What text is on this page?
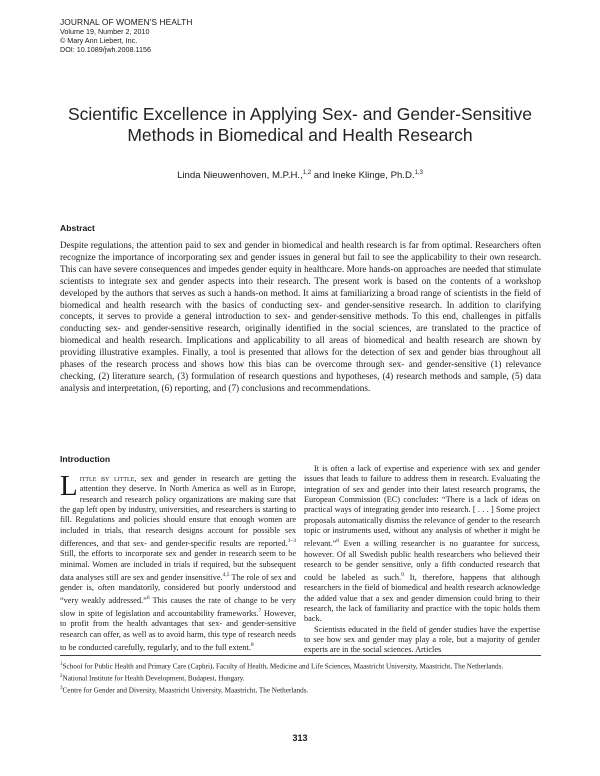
JOURNAL OF WOMEN'S HEALTH
Volume 19, Number 2, 2010
© Mary Ann Liebert, Inc.
DOI: 10.1089/jwh.2008.1156
Scientific Excellence in Applying Sex- and Gender-Sensitive
Methods in Biomedical and Health Research
Linda Nieuwenhoven, M.P.H.,$^{1,2}$ and Ineke Klinge, Ph.D.$^{1,3}$
Abstract

Despite regulations, the attention paid to sex and gender in biomedical and health research is far from optimal. Researchers often recognize the importance of incorporating sex and gender issues in general but fail to see the applicability to their own research. This can have severe consequences and impedes gender equity in healthcare. More hands-on approaches are needed that stimulate scientists to integrate sex and gender aspects into their research. The present work is based on the contents of a workshop developed by the authors that serves as such a hands-on method. It aims at familiarizing a broad range of scientists in the field of biomedical and health research with the basics of conducting sex- and gender-sensitive research. In addition to clarifying concepts, it serves to provide a general introduction to sex- and gender-sensitive methods. To this end, challenges in pitfalls conducting sex- and gender-sensitive research, originally identified in the social sciences, are translated to the practice of biomedical and health research. Implications and applicability to all areas of biomedical and health research are shown by providing illustrative examples. Finally, a tool is presented that allows for the detection of sex and gender bias throughout all phases of the research process and shows how this bias can be overcome through sex- and gender-sensitive (1) relevance checking, (2) literature search, (3) formulation of research questions and hypotheses, (4) research methods and sample, (5) data analysis and interpretation, (6) reporting, and (7) conclusions and recommendations.

Introduction

Little by little, sex and gender in research are getting the attention they deserve. In North America as well as in Europe, research and research policy organizations are making sure that the gap left open by industry, universities, and researchers is starting to fill. Regulations and policies should ensure that enough women are included in trials, that research designs account for possible sex differences, and that sex- and gender-specific results are reported.$^{1-3}$ Still, the efforts to incorporate sex and gender in research seem to be minimal. Women are included in trials if required, but the subsequent data analyses still are sex and gender insensitive.$^{4,5}$ The role of sex and gender is, often mandatorily, considered but poorly understood and “very weakly addressed.”$^6$ This causes the rate of change to be very slow in spite of legislation and accountability frameworks.$^7$ However, to profit from the health advantages that sex- and gender-sensitive research can offer, as well as to avoid harm, this type of research needs to be conducted carefully, regularly, and to the full extent.$^8$

It is often a lack of expertise and experience with sex and gender issues that leads to failure to address them in research. Evaluating the integration of sex and gender into their latest research programs, the European Commission (EC) concludes: “There is a lack of ideas on practical ways of integrating gender into research. [ . . . ] Some project proposals automatically dismiss the relevance of gender to the research topic or instruments used, without any analysis of whether it might be relevant.”$^6$ Even a willing researcher is no guarantee for success, however. Of all Swedish public health researchers who believed their research to be gender sensitive, only a fifth conducted research that could be labeled as such.$^9$ It, therefore, happens that although researchers in the field of biomedical and health research acknowledge the added value that a sex and gender dimension could bring to their research, the lack of familiarity and practice with the topic holds them back.

Scientists educated in the field of gender studies have the expertise to see how sex and gender may play a role, but a majority of gender experts are in the social sciences. Articles

$^1$School for Public Health and Primary Care (Caphri), Faculty of Health, Medicine and Life Sciences, Maastricht University, Maastricht, The Netherlands.
$^2$National Institute for Health Development, Budapest, Hungary.
$^3$Centre for Gender and Diversity, Maastricht University, Maastricht, The Netherlands.
313
